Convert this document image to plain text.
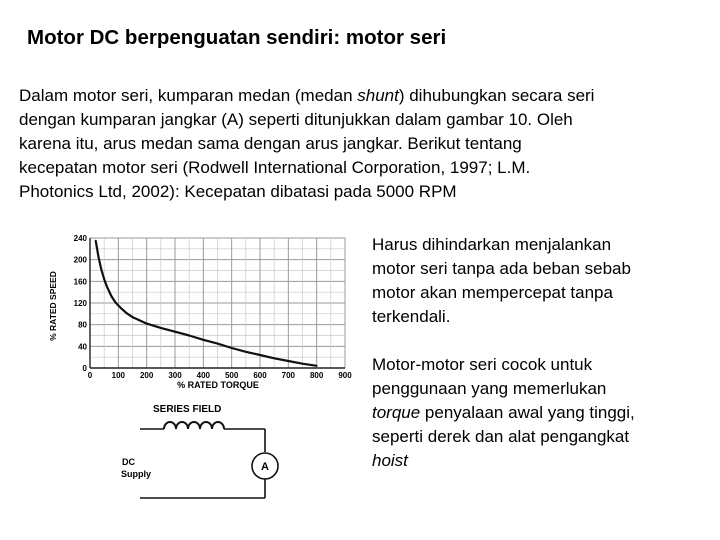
Motor DC berpenguatan sendiri: motor seri
Dalam motor seri, kumparan medan (medan shunt) dihubungkan secara seri
dengan kumparan jangkar (A) seperti ditunjukkan dalam gambar 10. Oleh
karena itu, arus medan sama dengan arus jangkar. Berikut tentang
kecepatan motor seri (Rodwell International Corporation, 1997; L.M.
Photonics Ltd, 2002): Kecepatan dibatasi pada 5000 RPM
0
40
80
120
160
200
240
0 100 200 300 400 500 600 700 800 900
% RATED SPEED
% RATED TORQUE
SERIES FIELD
A
DC
Supply
Harus dihindarkan menjalankan
motor seri tanpa ada beban sebab
motor akan mempercepat tanpa
terkendali.
Motor-motor seri cocok untuk
penggunaan yang memerlukan
torque penyalaan awal yang tinggi,
seperti derek dan alat pengangkat
hoist
